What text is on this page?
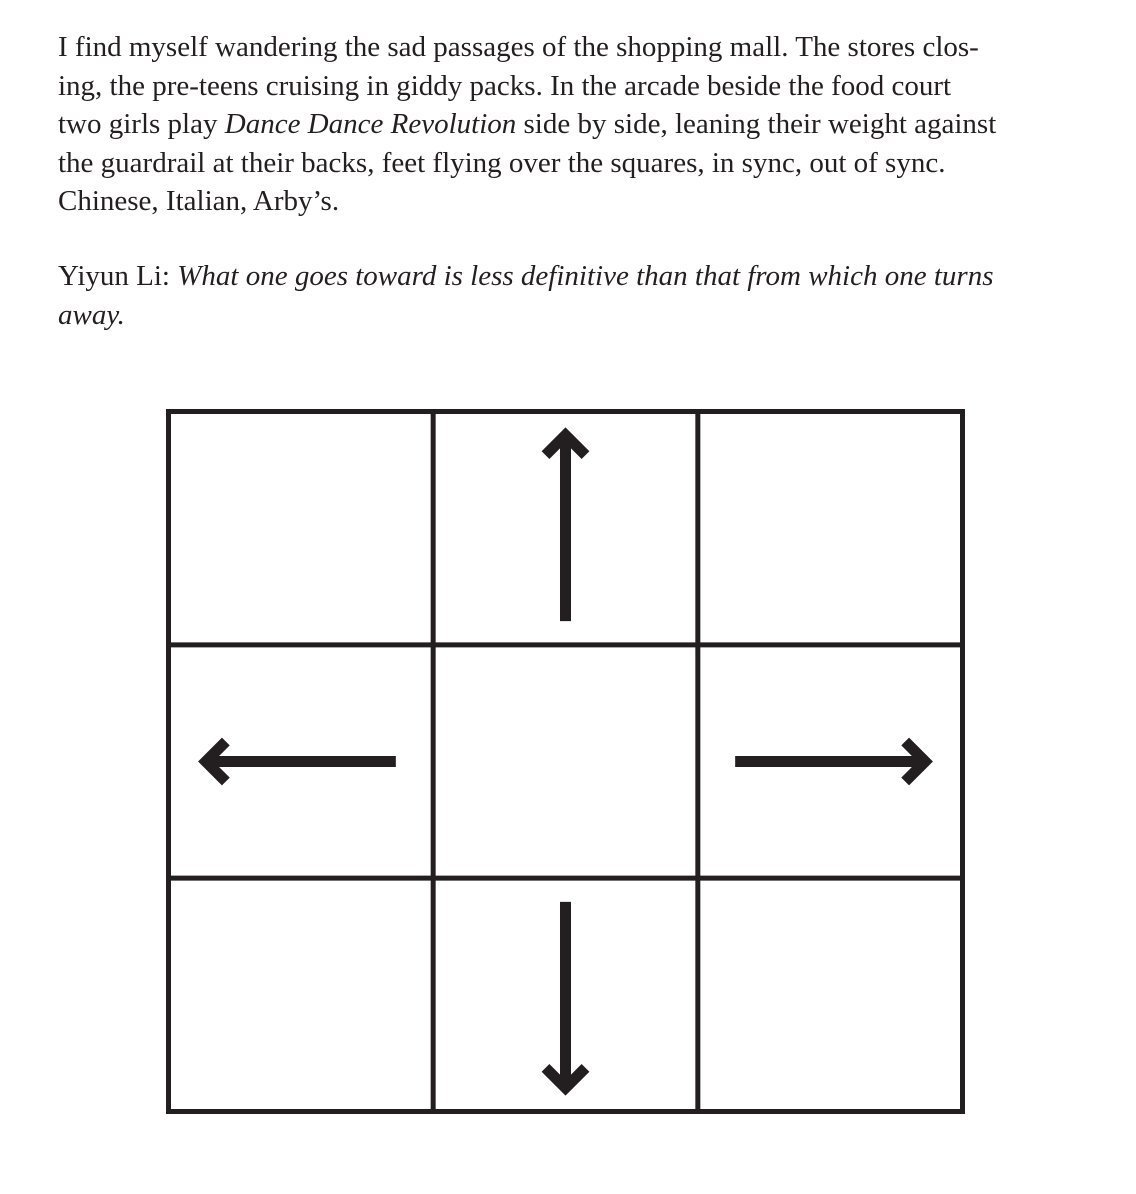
I find myself wandering the sad passages of the shopping mall. The stores clos-
ing, the pre-teens cruising in giddy packs. In the arcade beside the food court
two girls play Dance Dance Revolution side by side, leaning their weight against
the guardrail at their backs, feet flying over the squares, in sync, out of sync.
Chinese, Italian, Arby’s.

Yiyun Li: What one goes toward is less definitive than that from which one turns
away.
